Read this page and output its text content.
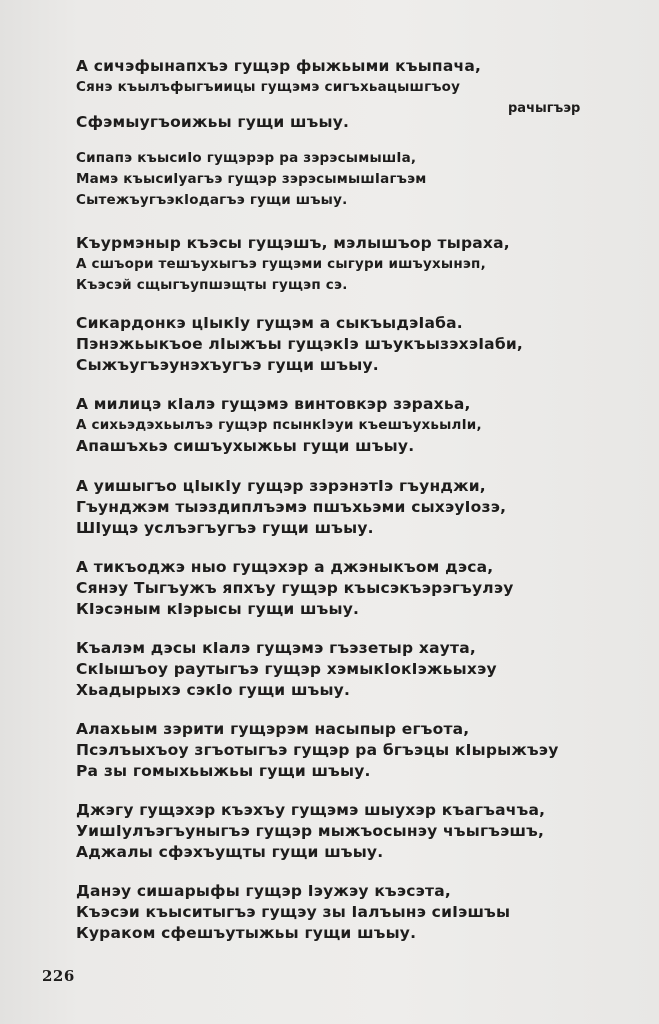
А сичэфынапхъэ гущэр фыжьыми къыпача,
Сянэ къылъфыгъиицы гущэмэ сигъхьацышгъоу
рачыгъэр
Сфэмыугъоижьы гущи шъыу.
Сипапэ къысиIо гущэрэр ра зэрэсымышIа,
Мамэ къысиIуагъэ гущэр зэрэсымышIагъэм
СытежъугъэкIодагъэ гущи шъыу.
Къурмэныр къэсы гущэшъ, мэлышъор тыраха,
А сшъори тешъухыгъэ гущэми сыгури ишъухынэп,
Къэсэй сщыгъупшэщты гущэп сэ.
Сикардонкэ цIыкIу гущэм а сыкъыдэIаба.
Пэнэжьыкъое лIыжъы гущэкIэ шъукъызэхэIаби,
Сыжъугъэунэхъугъэ гущи шъыу.
А милицэ кIалэ гущэмэ винтовкэр зэрахьа,
А сихьэдэхьылъэ гущэр псынкIэуи къешъухьылIи,
Апашъхьэ сишъухыжьы гущи шъыу.
А уишыгъо цIыкIу гущэр зэрэнэтIэ гъунджи,
Гъунджэм тыэздиплъэмэ пшъхьэми сыхэуIозэ,
ШIущэ услъэгъугъэ гущи шъыу.
А тикъоджэ ныо гущэхэр а джэныкъом дэса,
Сянэу Тыгъужъ япхъу гущэр къысэкъэрэгъулэу
КIэсэным кIэрысы гущи шъыу.
Къалэм дэсы кIалэ гущэмэ гъэзетыр хаута,
СкIышъоу раутыгъэ гущэр хэмыкIокIэжьыхэу
Хьадырыхэ сэкIо гущи шъыу.
Алахьым зэрити гущэрэм насыпыр егъота,
Псэлъыхъоу згъотыгъэ гущэр ра бгъэцы кIырыжъэу
Ра зы гомыхьыжьы гущи шъыу.
Джэгу гущэхэр къэхъу гущэмэ шыухэр къагъачъа,
УишIулъэгъуныгъэ гущэр мыжъосынэу чъыгъэшъ,
Аджалы сфэхъущты гущи шъыу.
Данэу сишарыфы гущэр Iэужэу къэсэта,
Къэсэи къыситыгъэ гущэу зы Iалъынэ сиIэшъы
Кураком сфешъутыжьы гущи шъыу.
226
